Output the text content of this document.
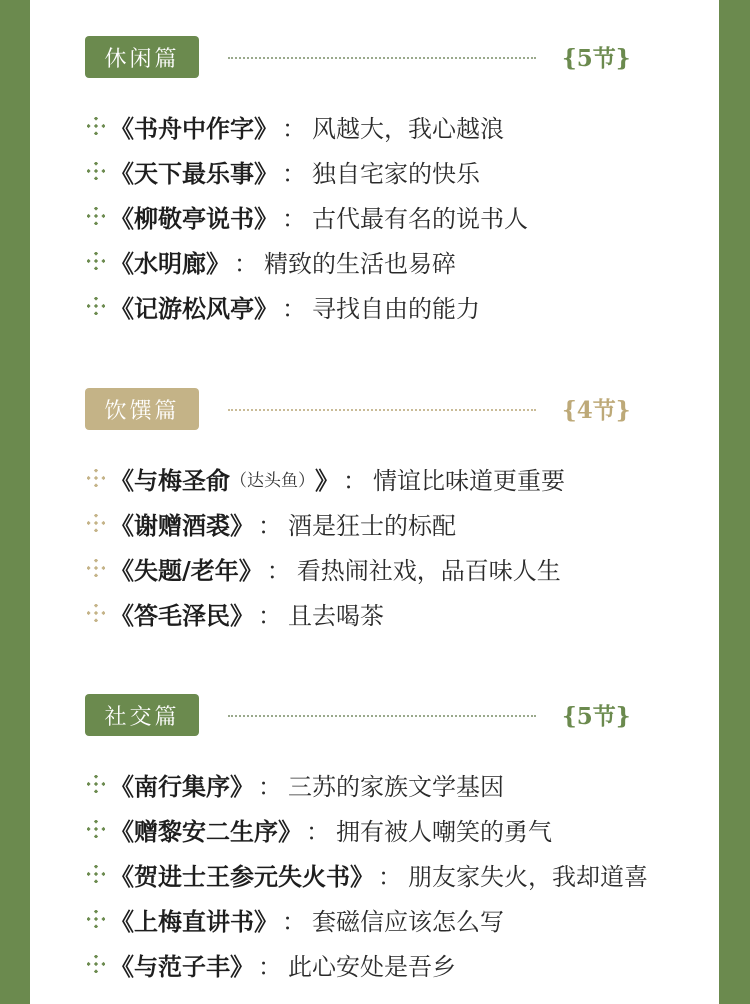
休闲篇	{5节}
《书舟中作字》 ： 风越大，我心越浪
《天下最乐事》 ： 独自宅家的快乐
《柳敬亭说书》 ： 古代最有名的说书人
《水明廊》 ： 精致的生活也易碎
《记游松风亭》 ： 寻找自由的能力
饮馔篇	{4节}
《与梅圣俞 （达头鱼） 》 ： 情谊比味道更重要
《谢赠酒裘》 ： 酒是狂士的标配
《失题/老年》 ： 看热闹社戏，品百味人生
《答毛泽民》 ： 且去喝茶
社交篇	{5节}
《南行集序》 ： 三苏的家族文学基因
《赠黎安二生序》 ： 拥有被人嘲笑的勇气
《贺进士王参元失火书》 ： 朋友家失火，我却道喜
《上梅直讲书》 ： 套磁信应该怎么写
《与范子丰》 ： 此心安处是吾乡
